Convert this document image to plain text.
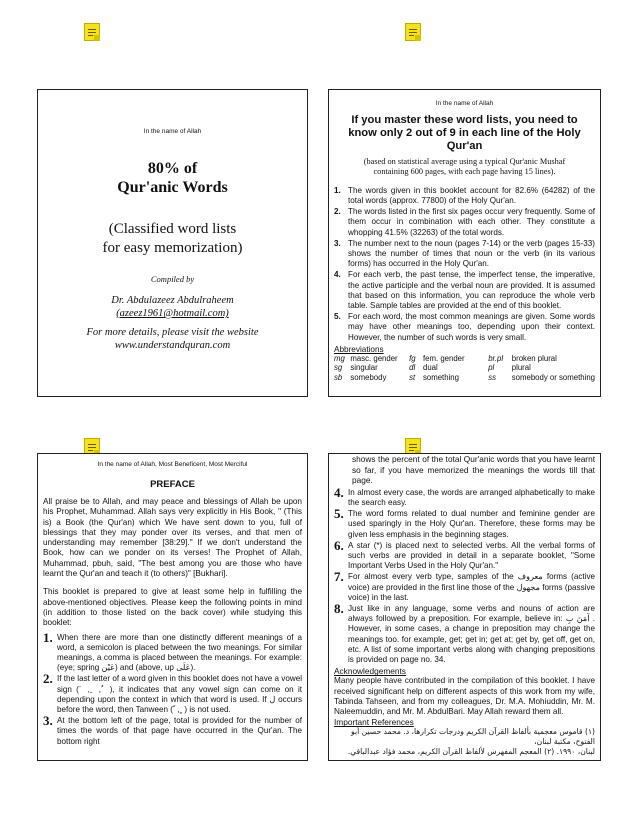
In the name of Allah
80% of
Qur'anic Words
(Classified word lists
for easy memorization)
Compiled by
Dr. Abdulazeez Abdulraheem
(azeez1961@hotmail.com)
For more details, please visit the website
www.understandquran.com
In the name of Allah
If you master these word lists, you need to know only 2 out of 9 in each line of the Holy Qur'an
(based on statistical average using a typical Qur'anic Mushaf containing 600 pages, with each page having 15 lines).
1. The words given in this booklet account for 82.6% (64282) of the total words (approx. 77800) of the Holy Qur'an.
2. The words listed in the first six pages occur very frequently. Some of them occur in combination with each other. They constitute a whopping 41.5% (32263) of the total words.
3. The number next to the noun (pages 7-14) or the verb (pages 15-33) shows the number of times that noun or the verb (in its various forms) has occurred in the Holy Qur'an.
4. For each verb, the past tense, the imperfect tense, the imperative, the active participle and the verbal noun are provided. It is assumed that based on this information, you can reproduce the whole verb table. Sample tables are provided at the end of this booklet.
5. For each word, the most common meanings are given. Some words may have other meanings too, depending upon their context. However, the number of such words is very small.
Abbreviations
mg	masc. gender	fg	fem. gender	br.pl	broken plural
sg	singular	dl	dual	pl	plural
sb	somebody	st	something	ss	somebody or something
In the name of Allah, Most Beneficent, Most Merciful
PREFACE
All praise be to Allah, and may peace and blessings of Allah be upon his Prophet, Muhammad. Allah says very explicitly in His Book, " (This is) a Book (the Qur'an) which We have sent down to you, full of blessings that they may ponder over its verses, and that men of understanding may remember [38:29]." If we don't understand the Book, how can we ponder on its verses! The Prophet of Allah, Muhammad, pbuh, said, "The best among you are those who have learnt the Qur'an and teach it (to others)" [Bukhari].
This booklet is prepared to give at least some help in fulfilling the above-mentioned objectives. Please keep the following points in mind (in addition to those listed on the back cover) while studying this booklet:
1. When there are more than one distinctly different meanings of a word, a semicolon is placed between the two meanings. For similar meanings, a comma is placed between the meanings. For example: (eye; spring عَيْن) and (above, up عَلَى).
2. If the last letter of a word given in this booklet does not have a vowel sign ( َ , ِ , ُ ), it indicates that any vowel sign can come on it depending upon the context in which that word is used. If ل occurs before the word, then Tanween ( ً , ٍ ) is not used.
3. At the bottom left of the page, total is provided for the number of times the words of that page have occurred in the Qur'an. The bottom right
shows the percent of the total Qur'anic words that you have learnt so far, if you have memorized the meanings the words till that page.
4. In almost every case, the words are arranged alphabetically to make the search easy.
5. The word forms related to dual number and feminine gender are used sparingly in the Holy Qur'an. Therefore, these forms may be given less emphasis in the beginning stages.
6. A star (*) is placed next to selected verbs. All the verbal forms of such verbs are provided in detail in a separate booklet, "Some Important Verbs Used in the Holy Qur'an."
7. For almost every verb type, samples of the معروف forms (active voice) are provided in the first line those of the مجهول forms (passive voice) in the last.
8. Just like in any language, some verbs and nouns of action are always followed by a preposition. For example, believe in: آمَنَ بِ . However, in some cases, a change in preposition may change the meanings too. for example, get; get in; get at; get by, get off, get on, etc. A list of some important verbs along with changing prepositions is provided on page no. 34.
Acknowledgements
Many people have contributed in the compilation of this booklet. I have received significant help on different aspects of this work from my wife, Tabinda Tahseen, and from my colleagues, Dr. M.A. Mohiuddin, Mr. M. Naleemuddin, and Mr. M. AbdulBari. May Allah reward them all.
Important References
(١) قاموس معجمية بألفاظ القرآن الكريم ودرجات تكرارها، د. محمد حسين أبو الفتوح، مكتبة لبنان،
لبنان، ١٩٩٠. (٢) المعجم المفهرس لألفاظ القرآن الكريم، محمد فؤاد عبدالباقي.
